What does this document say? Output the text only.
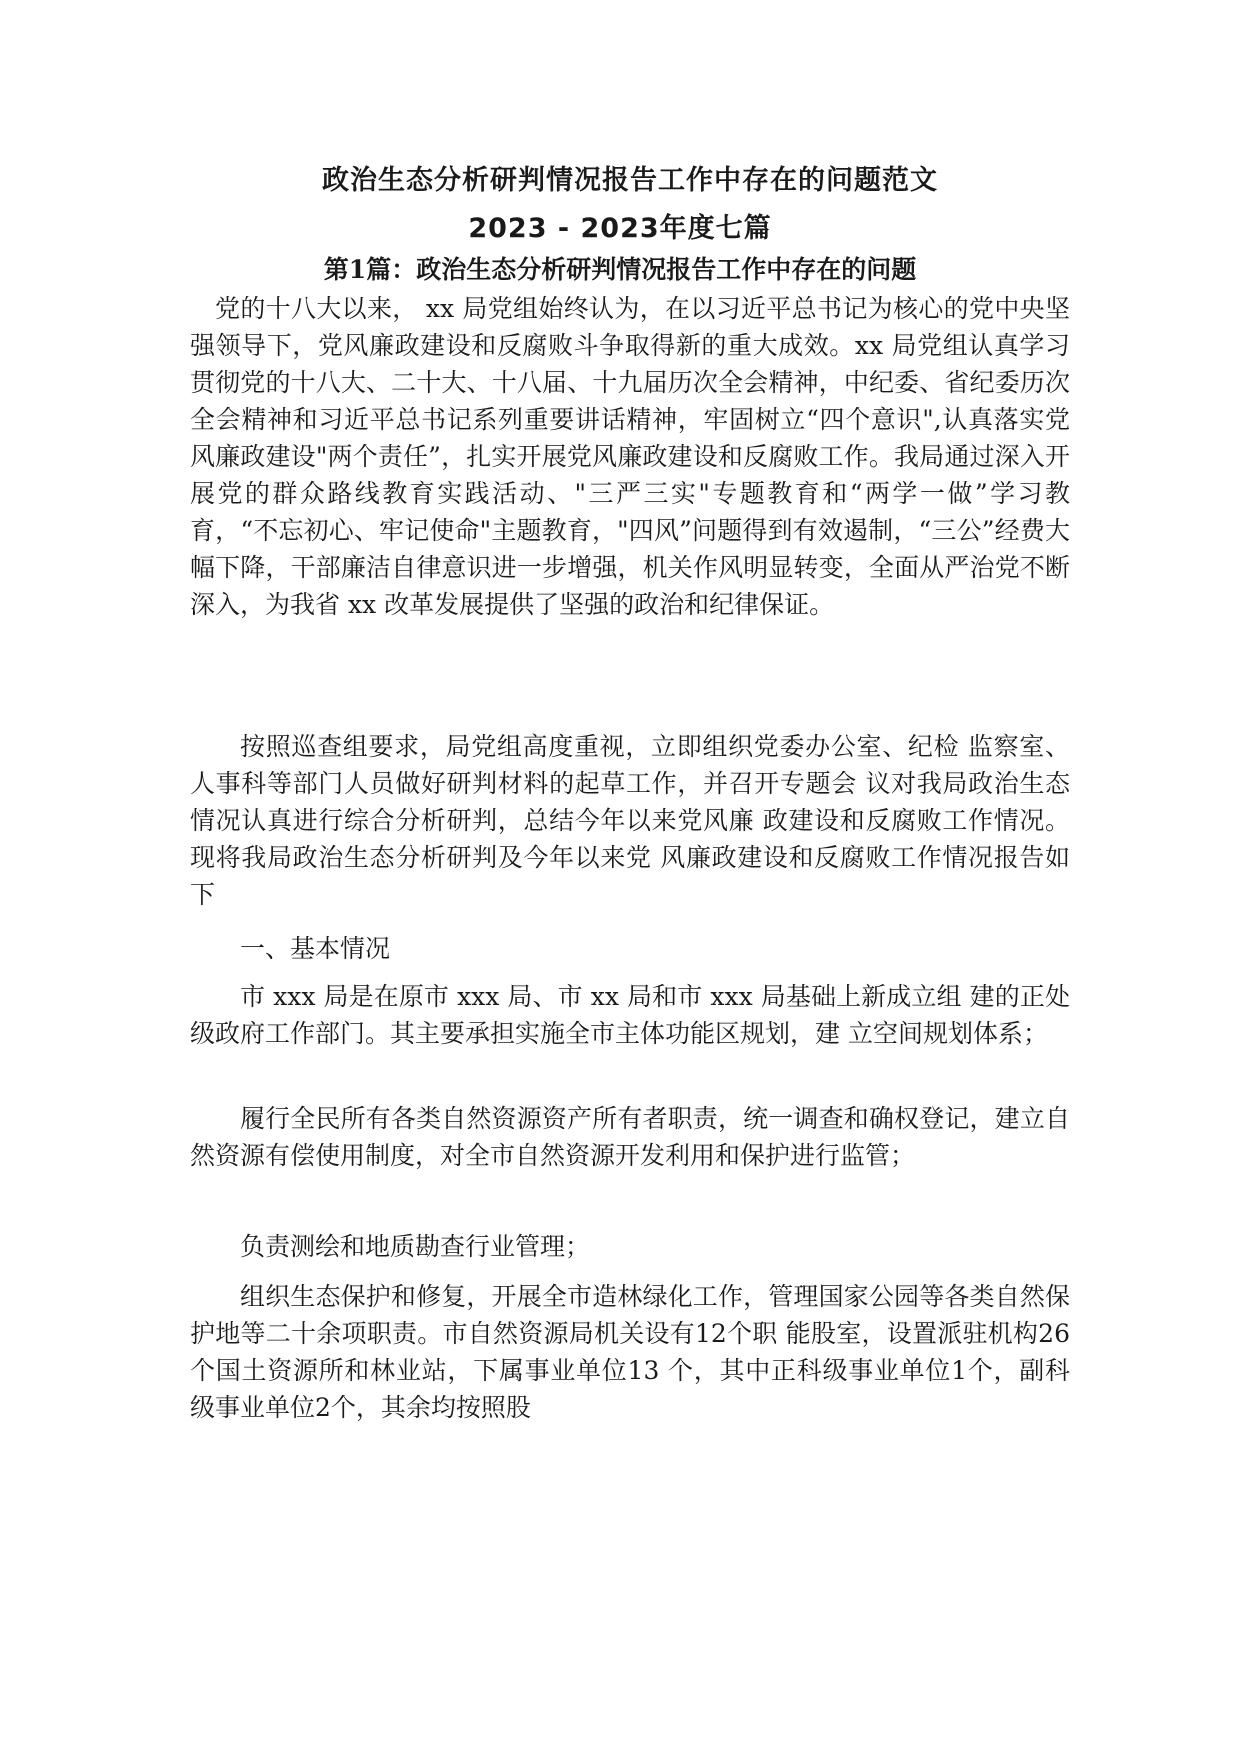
政治生态分析研判情况报告工作中存在的问题范文
2023 - 2023年度七篇
第1篇：政治生态分析研判情况报告工作中存在的问题

党的十八大以来， xx 局党组始终认为，在以习近平总书记为核心的党中央坚强领导下，党风廉政建设和反腐败斗争取得新的重大成效。xx 局党组认真学习贯彻党的十八大、二十大、十八届、十九届历次全会精神，中纪委、省纪委历次全会精神和习近平总书记系列重要讲话精神，牢固树立“四个意识",认真落实党风廉政建设"两个责任”，扎实开展党风廉政建设和反腐败工作。我局通过深入开展党的群众路线教育实践活动、"三严三实"专题教育和“两学一做”学习教育，“不忘初心、牢记使命"主题教育，"四风”问题得到有效遏制，“三公”经费大幅下降，干部廉洁自律意识进一步增强，机关作风明显转变，全面从严治党不断深入，为我省 xx 改革发展提供了坚强的政治和纪律保证。

按照巡查组要求，局党组高度重视，立即组织党委办公室、纪检 监察室、人事科等部门人员做好研判材料的起草工作，并召开专题会 议对我局政治生态情况认真进行综合分析研判，总结今年以来党风廉 政建设和反腐败工作情况。现将我局政治生态分析研判及今年以来党 风廉政建设和反腐败工作情况报告如下

一、基本情况

市 xxx 局是在原市 xxx 局、市 xx 局和市 xxx 局基础上新成立组 建的正处级政府工作部门。其主要承担实施全市主体功能区规划，建 立空间规划体系；

履行全民所有各类自然资源资产所有者职责，统一调查和确权登记，建立自然资源有偿使用制度，对全市自然资源开发利用和保护进行监管；

负责测绘和地质勘查行业管理；

组织生态保护和修复，开展全市造林绿化工作，管理国家公园等各类自然保护地等二十余项职责。市自然资源局机关设有12个职 能股室，设置派驻机构26个国土资源所和林业站，下属事业单位13 个，其中正科级事业单位1个，副科级事业单位2个，其余均按照股
